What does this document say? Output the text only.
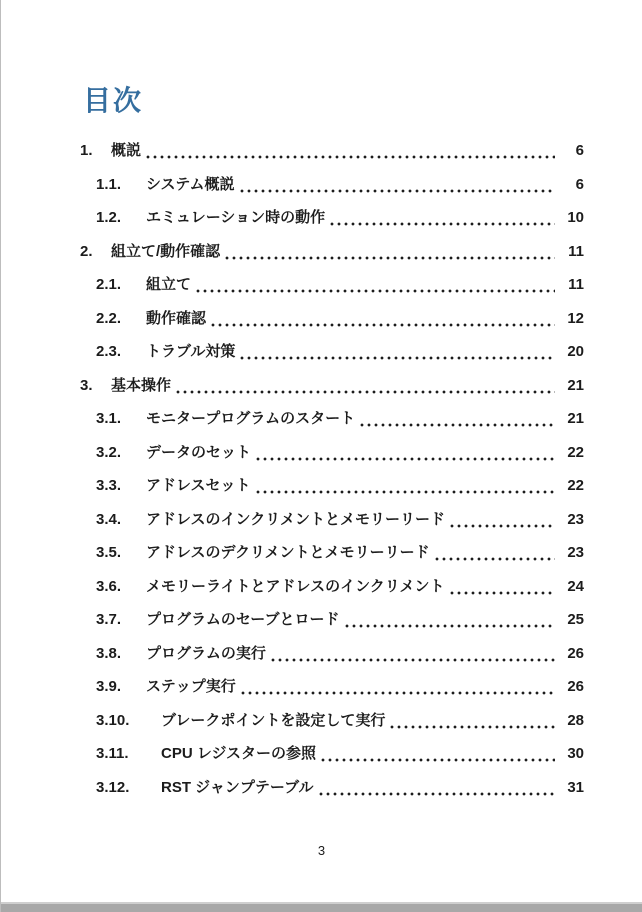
目次
1.	概説	6
1.1.	システム概説	6
1.2.	エミュレーション時の動作	10
2.	組立て/動作確認	11
2.1.	組立て	11
2.2.	動作確認	12
2.3.	トラブル対策	20
3.	基本操作	21
3.1.	モニタープログラムのスタート	21
3.2.	データのセット	22
3.3.	アドレスセット	22
3.4.	アドレスのインクリメントとメモリーリード	23
3.5.	アドレスのデクリメントとメモリーリード	23
3.6.	メモリーライトとアドレスのインクリメント	24
3.7.	プログラムのセーブとロード	25
3.8.	プログラムの実行	26
3.9.	ステップ実行	26
3.10.	ブレークポイントを設定して実行	28
3.11.	CPU レジスターの参照	30
3.12.	RST ジャンプテーブル	31
3
